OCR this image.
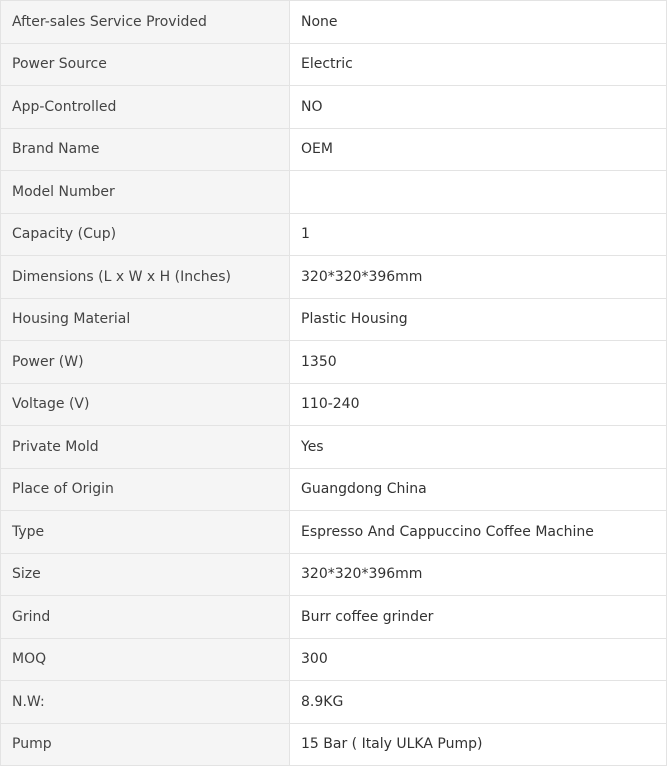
After-sales Service Provided	None
Power Source	Electric
App-Controlled	NO
Brand Name	OEM
Model Number	
Capacity (Cup)	1
Dimensions (L x W x H (Inches)	320*320*396mm
Housing Material	Plastic Housing
Power (W)	1350
Voltage (V)	110-240
Private Mold	Yes
Place of Origin	Guangdong China
Type	Espresso And Cappuccino Coffee Machine
Size	320*320*396mm
Grind	Burr coffee grinder
MOQ	300
N.W:	8.9KG
Pump	15 Bar ( Italy ULKA Pump)
